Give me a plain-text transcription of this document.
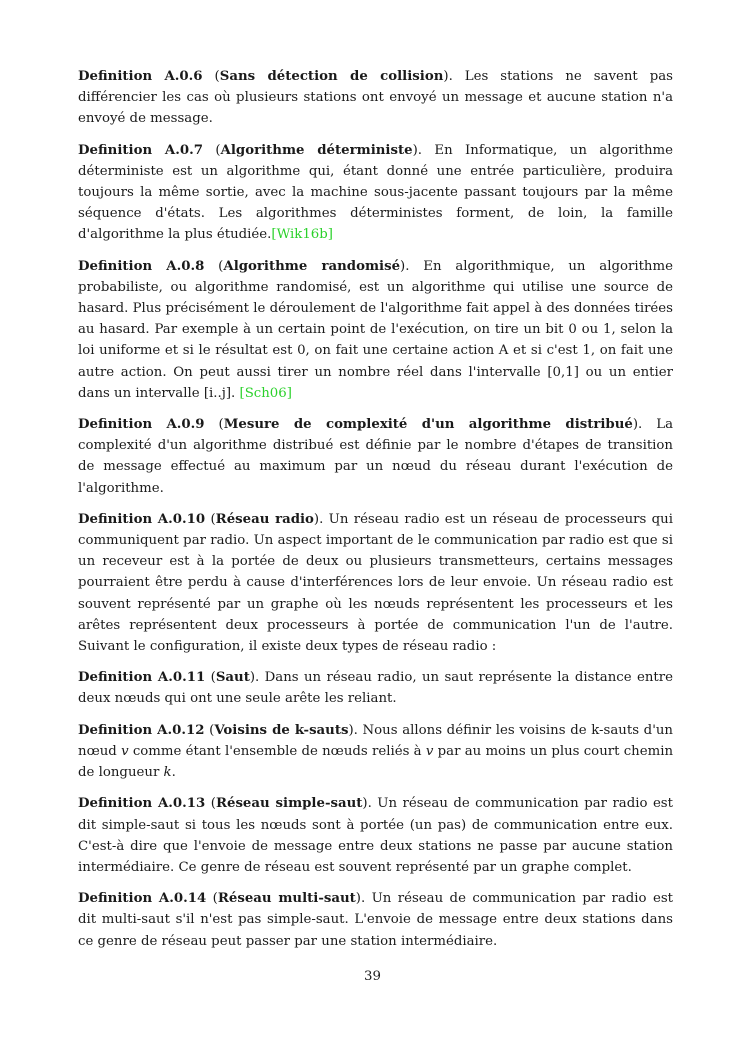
Definition A.0.6 (Sans détection de collision). Les stations ne savent pas différencier les cas où plusieurs stations ont envoyé un message et aucune station n'a envoyé de message.

Definition A.0.7 (Algorithme déterministe). En Informatique, un algorithme déterministe est un algorithme qui, étant donné une entrée particulière, produira toujours la même sortie, avec la machine sous-jacente passant toujours par la même séquence d'états. Les algorithmes déterministes forment, de loin, la famille d'algorithme la plus étudiée.[Wik16b]

Definition A.0.8 (Algorithme randomisé). En algorithmique, un algorithme probabiliste, ou algorithme randomisé, est un algorithme qui utilise une source de hasard. Plus précisément le déroulement de l'algorithme fait appel à des données tirées au hasard. Par exemple à un certain point de l'exécution, on tire un bit 0 ou 1, selon la loi uniforme et si le résultat est 0, on fait une certaine action A et si c'est 1, on fait une autre action. On peut aussi tirer un nombre réel dans l'intervalle [0,1] ou un entier dans un intervalle [i..j]. [Sch06]

Definition A.0.9 (Mesure de complexité d'un algorithme distribué). La complexité d'un algorithme distribué est définie par le nombre d'étapes de transition de message effectué au maximum par un nœud du réseau durant l'exécution de l'algorithme.

Definition A.0.10 (Réseau radio). Un réseau radio est un réseau de processeurs qui communiquent par radio. Un aspect important de le communication par radio est que si un receveur est à la portée de deux ou plusieurs transmetteurs, certains messages pourraient être perdu à cause d'interférences lors de leur envoie. Un réseau radio est souvent représenté par un graphe où les nœuds représentent les processeurs et les arêtes représentent deux processeurs à portée de communication l'un de l'autre. Suivant le configuration, il existe deux types de réseau radio :

Definition A.0.11 (Saut). Dans un réseau radio, un saut représente la distance entre deux nœuds qui ont une seule arête les reliant.

Definition A.0.12 (Voisins de k-sauts). Nous allons définir les voisins de k-sauts d'un nœud v comme étant l'ensemble de nœuds reliés à v par au moins un plus court chemin de longueur k.

Definition A.0.13 (Réseau simple-saut). Un réseau de communication par radio est dit simple-saut si tous les nœuds sont à portée (un pas) de communication entre eux. C'est-à dire que l'envoie de message entre deux stations ne passe par aucune station intermédiaire. Ce genre de réseau est souvent représenté par un graphe complet.

Definition A.0.14 (Réseau multi-saut). Un réseau de communication par radio est dit multi-saut s'il n'est pas simple-saut. L'envoie de message entre deux stations dans ce genre de réseau peut passer par une station intermédiaire.

39
